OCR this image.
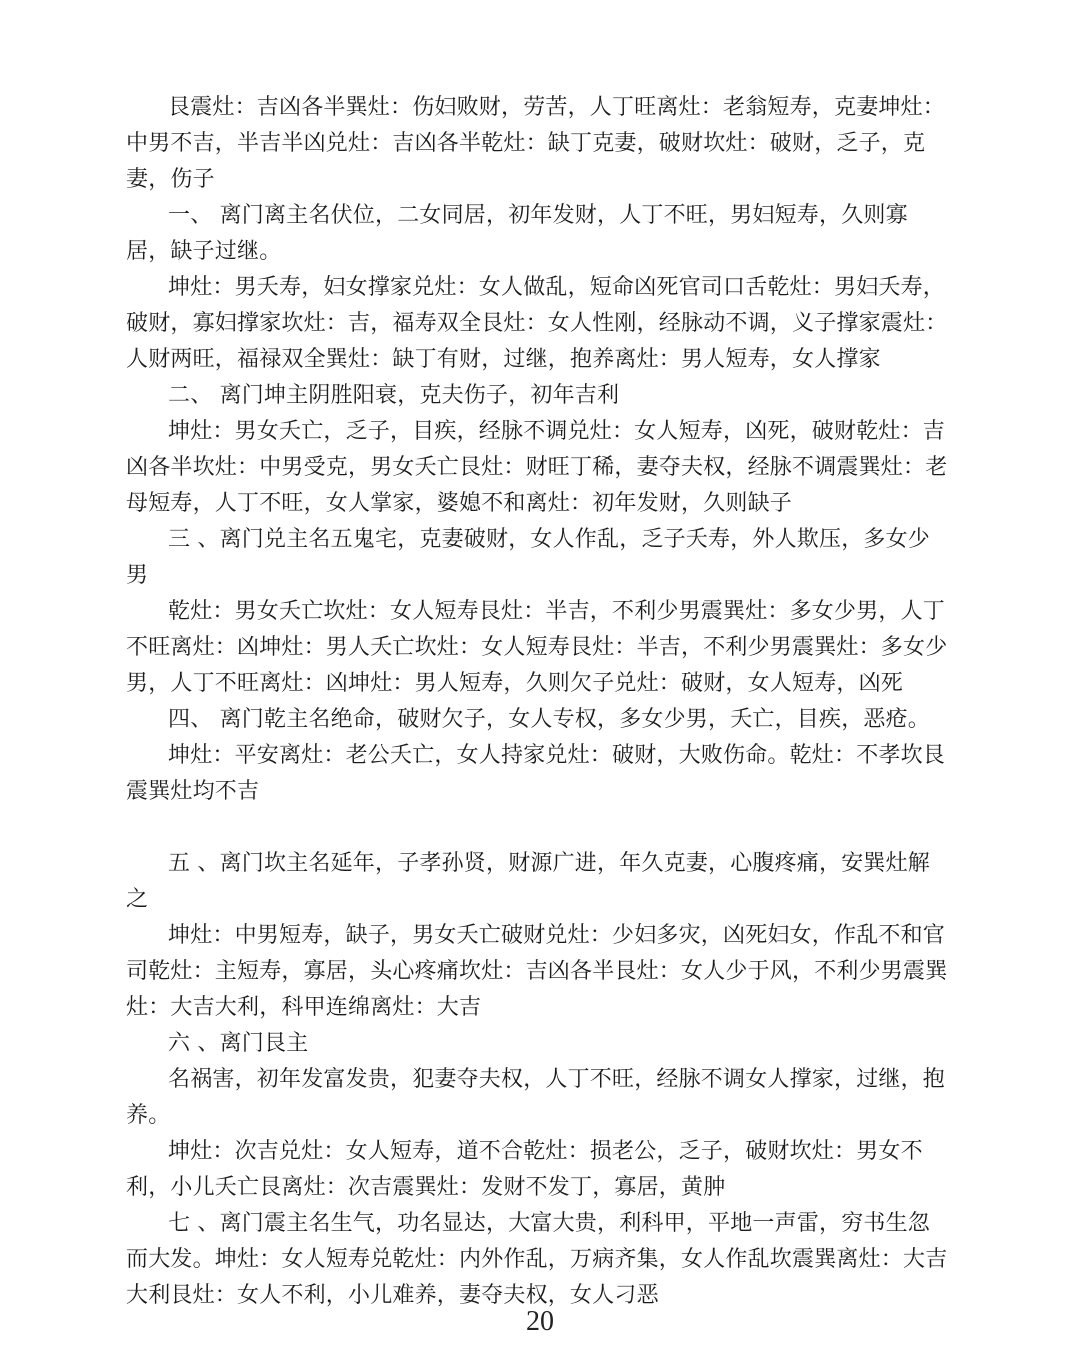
艮震灶：吉凶各半巽灶：伤妇败财，劳苦，人丁旺离灶：老翁短寿，克妻坤灶：中男不吉，半吉半凶兑灶：吉凶各半乾灶：缺丁克妻，破财坎灶：破财，乏子，克妻，伤子

一、 离门离主名伏位，二女同居，初年发财，人丁不旺，男妇短寿，久则寡居，缺子过继。

坤灶：男夭寿，妇女撑家兑灶：女人做乱，短命凶死官司口舌乾灶：男妇夭寿，破财，寡妇撑家坎灶：吉，福寿双全艮灶：女人性刚，经脉动不调，义子撑家震灶：人财两旺，福禄双全巽灶：缺丁有财，过继，抱养离灶：男人短寿，女人撑家

二、 离门坤主阴胜阳衰，克夫伤子，初年吉利

坤灶：男女夭亡，乏子，目疾，经脉不调兑灶：女人短寿，凶死，破财乾灶：吉凶各半坎灶：中男受克，男女夭亡艮灶：财旺丁稀，妻夺夫权，经脉不调震巽灶：老母短寿，人丁不旺，女人掌家，婆媳不和离灶：初年发财，久则缺子

三 、离门兑主名五鬼宅，克妻破财，女人作乱，乏子夭寿，外人欺压，多女少男

乾灶：男女夭亡坎灶：女人短寿艮灶：半吉，不利少男震巽灶：多女少男，人丁不旺离灶：凶坤灶：男人夭亡坎灶：女人短寿艮灶：半吉，不利少男震巽灶：多女少男，人丁不旺离灶：凶坤灶：男人短寿，久则欠子兑灶：破财，女人短寿，凶死

四、 离门乾主名绝命，破财欠子，女人专权，多女少男，夭亡，目疾，恶疮。

坤灶：平安离灶：老公夭亡，女人持家兑灶：破财，大败伤命。乾灶：不孝坎艮震巽灶均不吉

五 、离门坎主名延年，子孝孙贤，财源广进，年久克妻，心腹疼痛，安巽灶解之

坤灶：中男短寿，缺子，男女夭亡破财兑灶：少妇多灾，凶死妇女，作乱不和官司乾灶：主短寿，寡居，头心疼痛坎灶：吉凶各半艮灶：女人少于风，不利少男震巽灶：大吉大利，科甲连绵离灶：大吉

六 、离门艮主

名祸害，初年发富发贵，犯妻夺夫权，人丁不旺，经脉不调女人撑家，过继，抱养。

坤灶：次吉兑灶：女人短寿，道不合乾灶：损老公，乏子，破财坎灶：男女不利，小儿夭亡艮离灶：次吉震巽灶：发财不发丁，寡居，黄肿

七 、离门震主名生气，功名显达，大富大贵，利科甲，平地一声雷，穷书生忽而大发。坤灶：女人短寿兑乾灶：内外作乱，万病齐集，女人作乱坎震巽离灶：大吉大利艮灶：女人不利，小儿难养，妻夺夫权，女人刁恶

20
